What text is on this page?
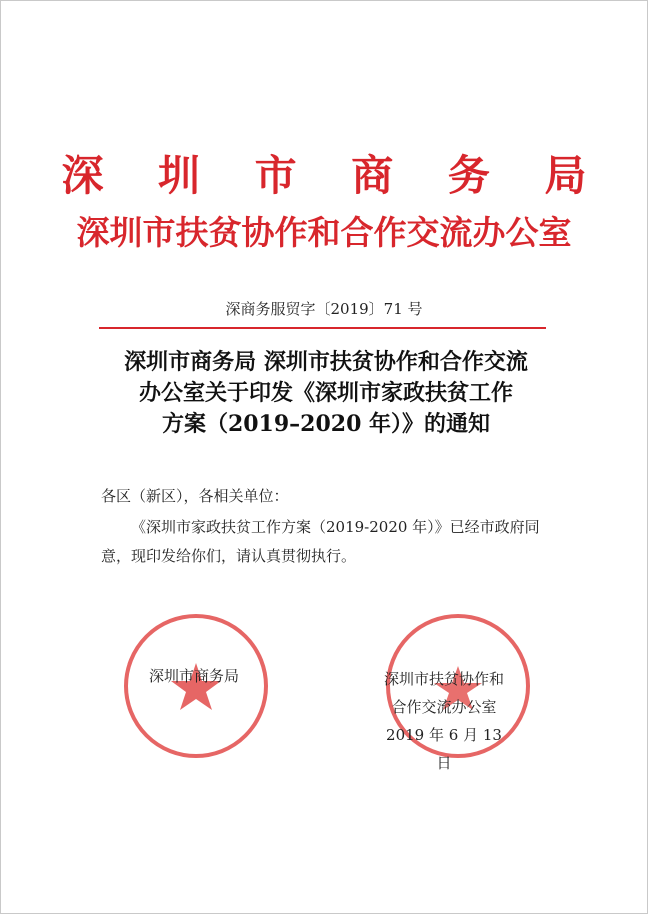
深 圳 市 商 务 局
深圳市扶贫协作和合作交流办公室
深商务服贸字〔2019〕71 号
深圳市商务局 深圳市扶贫协作和合作交流
办公室关于印发《深圳市家政扶贫工作
方案（2019–2020 年）》的通知
各区（新区），各相关单位：
《深圳市家政扶贫工作方案（2019-2020 年）》已经市政府同意，现印发给你们，请认真贯彻执行。

深圳市商务局	深圳市扶贫协作和
合作交流办公室
2019 年 6 月 13 日
